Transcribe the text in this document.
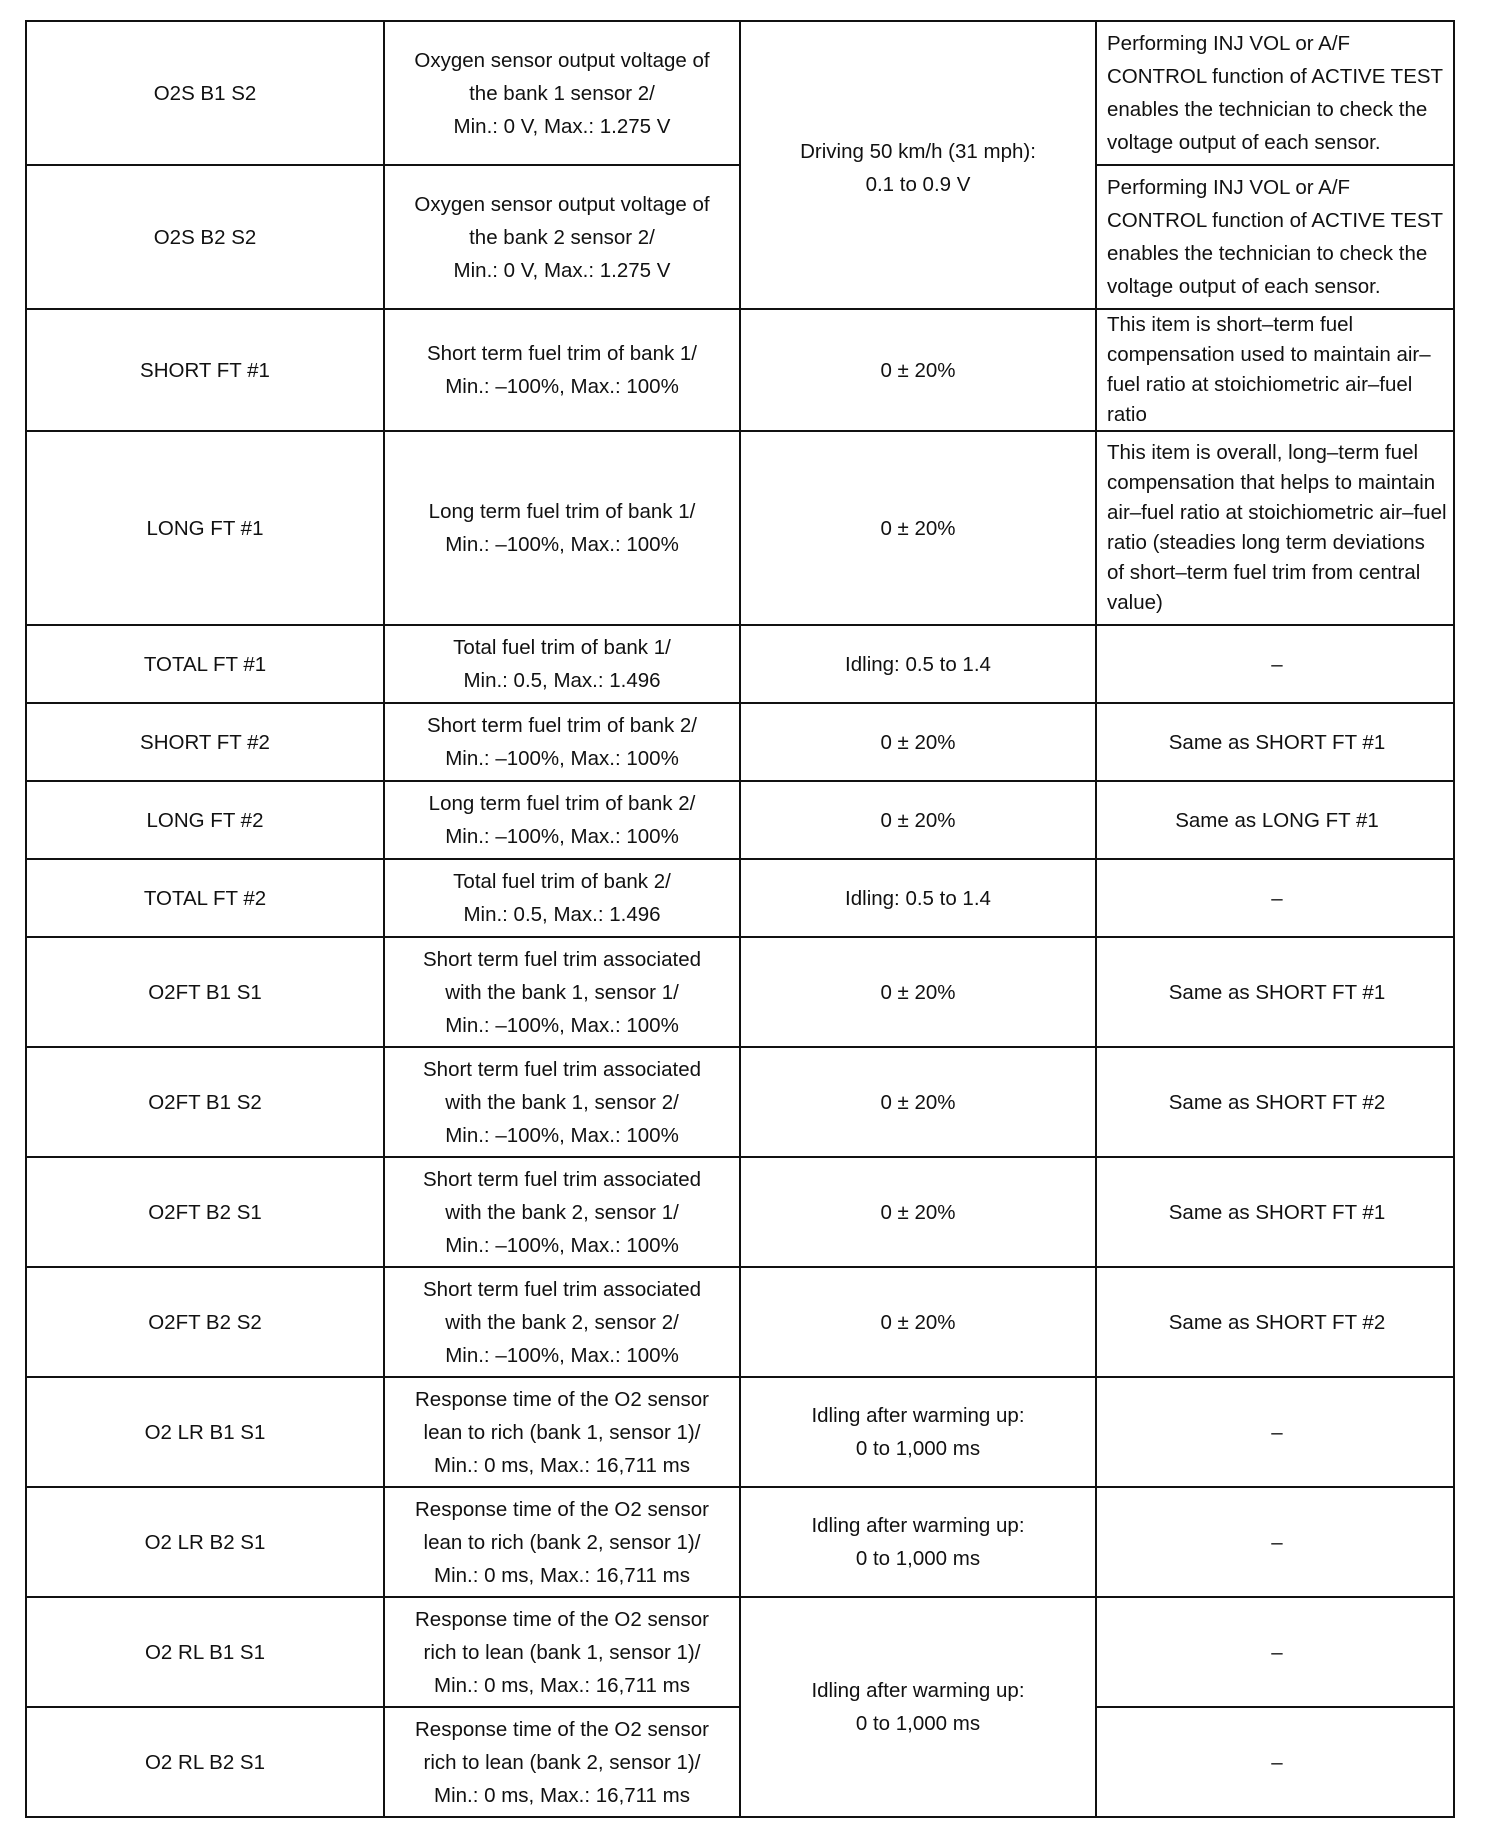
O2S B1 S2	Oxygen sensor output voltage of
the bank 1 sensor 2/
Min.: 0 V, Max.: 1.275 V	Driving 50 km/h (31 mph):
0.1 to 0.9 V	Performing INJ VOL or A/F CONTROL function of ACTIVE TEST enables the technician to check the voltage output of each sensor.
O2S B2 S2	Oxygen sensor output voltage of
the bank 2 sensor 2/
Min.: 0 V, Max.: 1.275 V		Performing INJ VOL or A/F CONTROL function of ACTIVE TEST enables the technician to check the voltage output of each sensor.
SHORT FT #1	Short term fuel trim of bank 1/
Min.: –100%, Max.: 100%	0 ± 20%	This item is short–term fuel compensation used to maintain air–fuel ratio at stoichiometric air–fuel ratio
LONG FT #1	Long term fuel trim of bank 1/
Min.: –100%, Max.: 100%	0 ± 20%	This item is overall, long–term fuel compensation that helps to maintain air–fuel ratio at stoichiometric air–fuel ratio (steadies long term deviations of short–term fuel trim from central value)
TOTAL FT #1	Total fuel trim of bank 1/
Min.: 0.5, Max.: 1.496	Idling: 0.5 to 1.4	–
SHORT FT #2	Short term fuel trim of bank 2/
Min.: –100%, Max.: 100%	0 ± 20%	Same as SHORT FT #1
LONG FT #2	Long term fuel trim of bank 2/
Min.: –100%, Max.: 100%	0 ± 20%	Same as LONG FT #1
TOTAL FT #2	Total fuel trim of bank 2/
Min.: 0.5, Max.: 1.496	Idling: 0.5 to 1.4	–
O2FT B1 S1	Short term fuel trim associated
with the bank 1, sensor 1/
Min.: –100%, Max.: 100%	0 ± 20%	Same as SHORT FT #1
O2FT B1 S2	Short term fuel trim associated
with the bank 1, sensor 2/
Min.: –100%, Max.: 100%	0 ± 20%	Same as SHORT FT #2
O2FT B2 S1	Short term fuel trim associated
with the bank 2, sensor 1/
Min.: –100%, Max.: 100%	0 ± 20%	Same as SHORT FT #1
O2FT B2 S2	Short term fuel trim associated
with the bank 2, sensor 2/
Min.: –100%, Max.: 100%	0 ± 20%	Same as SHORT FT #2
O2 LR B1 S1	Response time of the O2 sensor
lean to rich (bank 1, sensor 1)/
Min.: 0 ms, Max.: 16,711 ms	Idling after warming up:
0 to 1,000 ms	–
O2 LR B2 S1	Response time of the O2 sensor
lean to rich (bank 2, sensor 1)/
Min.: 0 ms, Max.: 16,711 ms	Idling after warming up:
0 to 1,000 ms	–
O2 RL B1 S1	Response time of the O2 sensor
rich to lean (bank 1, sensor 1)/
Min.: 0 ms, Max.: 16,711 ms	Idling after warming up:
0 to 1,000 ms	–
O2 RL B2 S1	Response time of the O2 sensor
rich to lean (bank 2, sensor 1)/
Min.: 0 ms, Max.: 16,711 ms		–
